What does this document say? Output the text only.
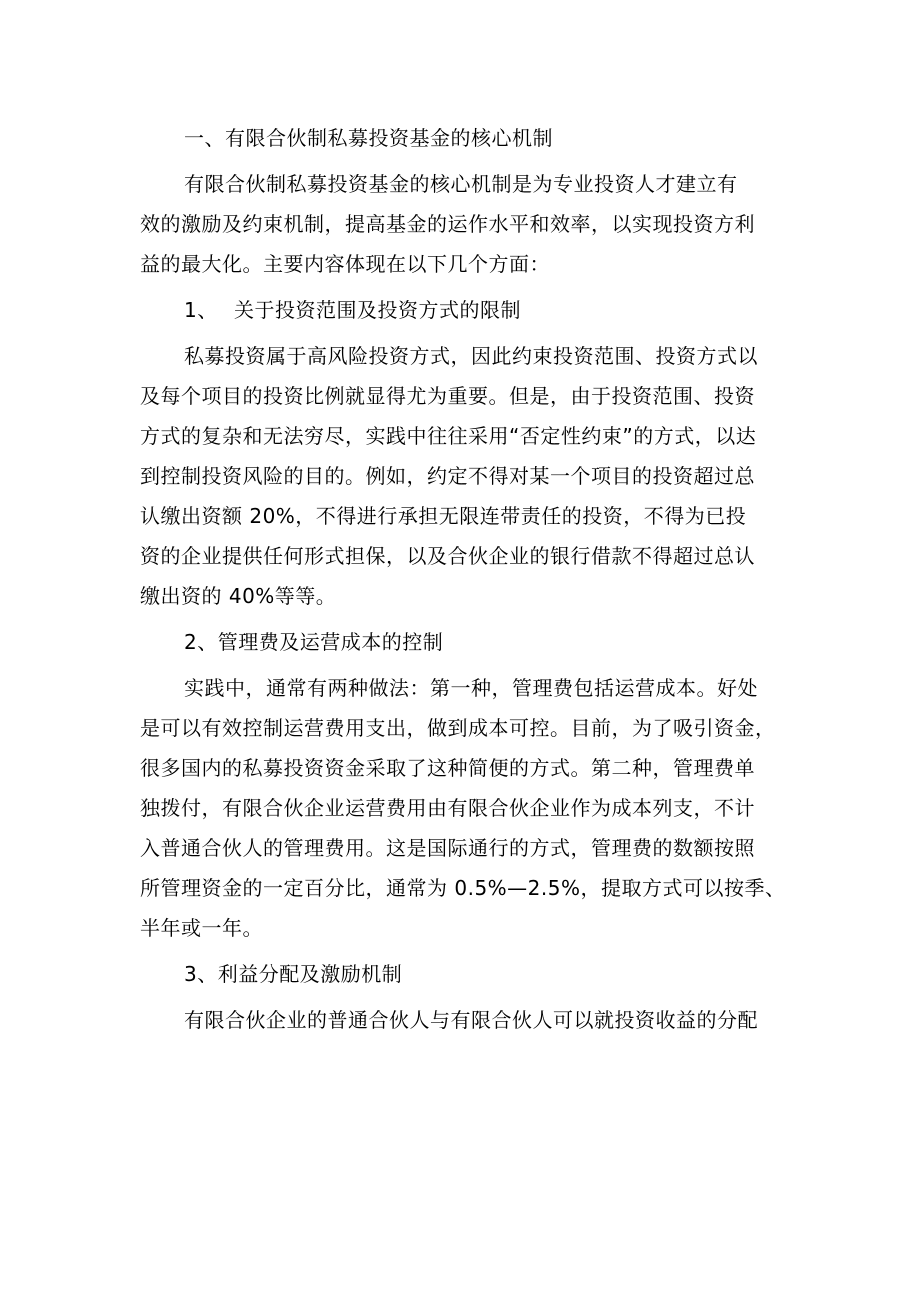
一、有限合伙制私募投资基金的核心机制
有限合伙制私募投资基金的核心机制是为专业投资人才建立有
效的激励及约束机制，提高基金的运作水平和效率，以实现投资方利
益的最大化。主要内容体现在以下几个方面：
1、 关于投资范围及投资方式的限制
私募投资属于高风险投资方式，因此约束投资范围、投资方式以
及每个项目的投资比例就显得尤为重要。但是，由于投资范围、投资
方式的复杂和无法穷尽，实践中往往采用“否定性约束”的方式，以达
到控制投资风险的目的。例如，约定不得对某一个项目的投资超过总
认缴出资额 20%，不得进行承担无限连带责任的投资，不得为已投
资的企业提供任何形式担保，以及合伙企业的银行借款不得超过总认
缴出资的 40%等等。
2、管理费及运营成本的控制
实践中，通常有两种做法：第一种，管理费包括运营成本。好处
是可以有效控制运营费用支出，做到成本可控。目前，为了吸引资金，
很多国内的私募投资资金采取了这种简便的方式。第二种，管理费单
独拨付，有限合伙企业运营费用由有限合伙企业作为成本列支，不计
入普通合伙人的管理费用。这是国际通行的方式，管理费的数额按照
所管理资金的一定百分比，通常为 0.5%—2.5%，提取方式可以按季、
半年或一年。
3、利益分配及激励机制
有限合伙企业的普通合伙人与有限合伙人可以就投资收益的分配
